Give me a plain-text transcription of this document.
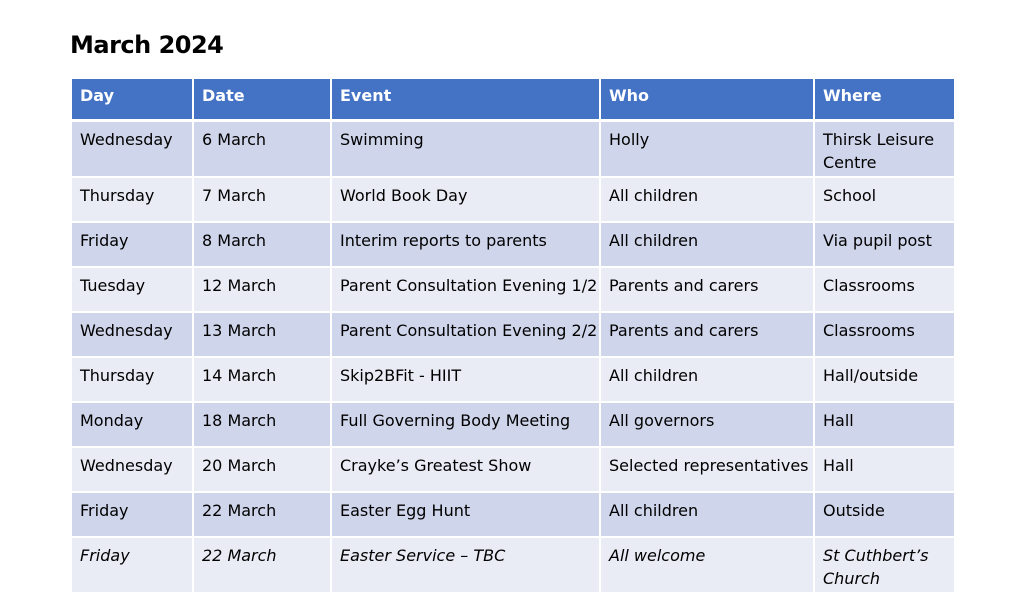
March 2024
Day	Date	Event	Who	Where
Wednesday	6 March	Swimming	Holly	Thirsk Leisure Centre
Thursday	7 March	World Book Day	All children	School
Friday	8 March	Interim reports to parents	All children	Via pupil post
Tuesday	12 March	Parent Consultation Evening 1/2	Parents and carers	Classrooms
Wednesday	13 March	Parent Consultation Evening 2/2	Parents and carers	Classrooms
Thursday	14 March	Skip2BFit - HIIT	All children	Hall/outside
Monday	18 March	Full Governing Body Meeting	All governors	Hall
Wednesday	20 March	Crayke’s Greatest Show	Selected representatives	Hall
Friday	22 March	Easter Egg Hunt	All children	Outside
Friday	22 March	Easter Service – TBC	All welcome	St Cuthbert’s Church
